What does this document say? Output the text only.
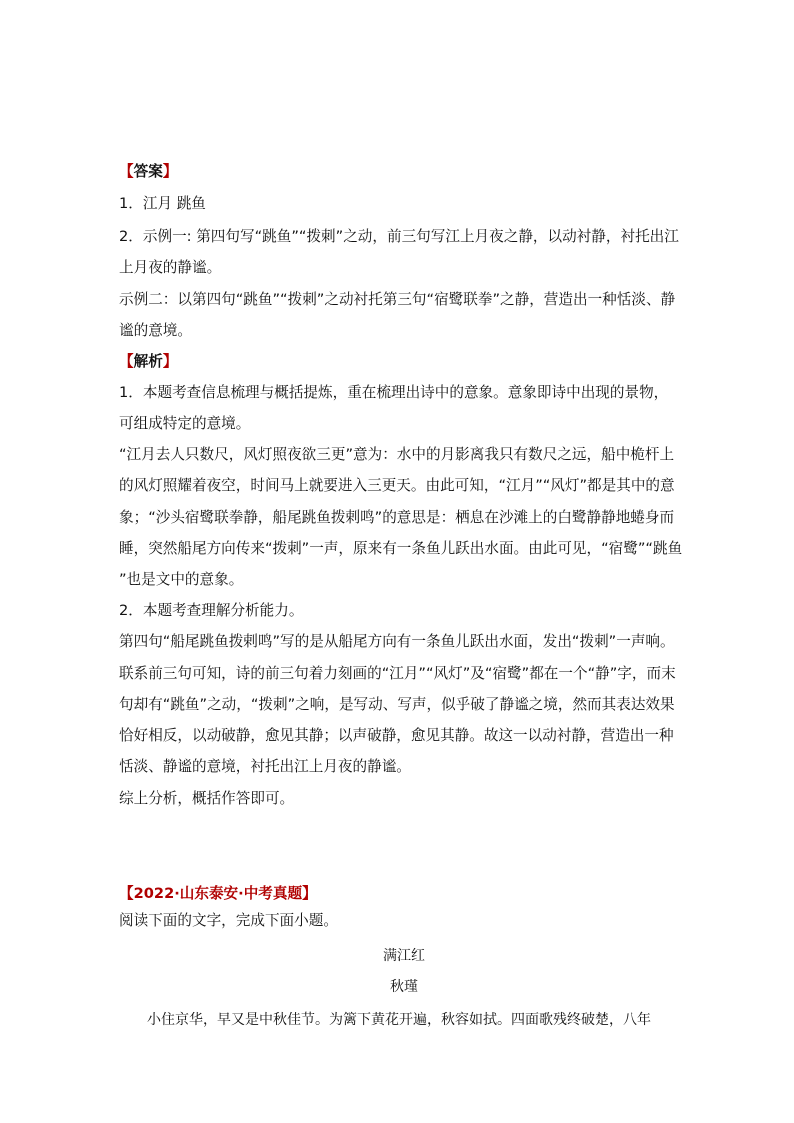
【答案】
1．江月 跳鱼
2．示例一: 第四句写“跳鱼”“拨刺”之动，前三句写江上月夜之静，以动衬静，衬托出江
上月夜的静谧。
示例二：以第四句“跳鱼”“拨刺”之动衬托第三句“宿鹭联拳”之静，营造出一种恬淡、静
谧的意境。
【解析】
1．本题考查信息梳理与概括提炼，重在梳理出诗中的意象。意象即诗中出现的景物，
可组成特定的意境。
“江月去人只数尺，风灯照夜欲三更”意为：水中的月影离我只有数尺之远，船中桅杆上
的风灯照耀着夜空，时间马上就要进入三更天。由此可知，“江月”“风灯”都是其中的意
象；“沙头宿鹭联拳静，船尾跳鱼拨剌鸣”的意思是：栖息在沙滩上的白鹭静静地蜷身而
睡，突然船尾方向传来“拨刺”一声，原来有一条鱼儿跃出水面。由此可见，“宿鹭”“跳鱼
”也是文中的意象。
2．本题考查理解分析能力。
第四句“船尾跳鱼拨剌鸣”写的是从船尾方向有一条鱼儿跃出水面，发出“拨刺”一声响。
联系前三句可知，诗的前三句着力刻画的“江月”“风灯”及“宿鹭”都在一个“静”字，而末
句却有“跳鱼”之动，“拨刺”之响，是写动、写声，似乎破了静谧之境，然而其表达效果
恰好相反，以动破静，愈见其静；以声破静，愈见其静。故这一以动衬静，营造出一种
恬淡、静谧的意境，衬托出江上月夜的静谧。
综上分析，概括作答即可。
【2022·山东泰安·中考真题】
阅读下面的文字，完成下面小题。
满江红
秋瑾
小住京华，早又是中秋佳节。为篱下黄花开遍，秋容如拭。四面歌残终破楚，八年
